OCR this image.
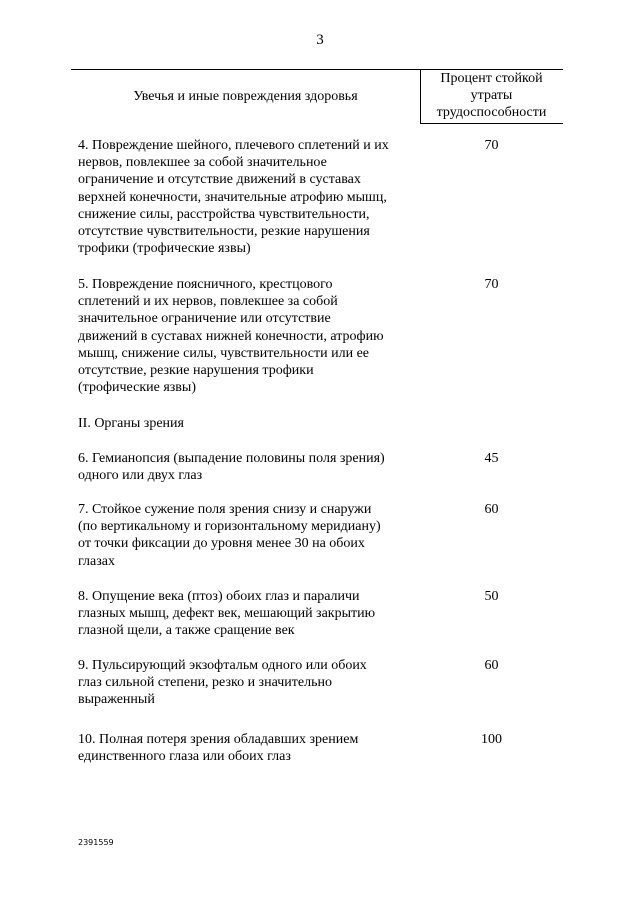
3
Увечья и иные повреждения здоровья
Процент стойкой
утраты
трудоспособности
4. Повреждение шейного, плечевого сплетений и их
нервов, повлекшее за собой значительное
ограничение и отсутствие движений в суставах
верхней конечности, значительные атрофию мышц,
снижение силы, расстройства чувствительности,
отсутствие чувствительности, резкие нарушения
трофики (трофические язвы)
70
5. Повреждение поясничного, крестцового
сплетений и их нервов, повлекшее за собой
значительное ограничение или отсутствие
движений в суставах нижней конечности, атрофию
мышц, снижение силы, чувствительности или ее
отсутствие, резкие нарушения трофики
(трофические язвы)
70
II. Органы зрения
6. Гемианопсия (выпадение половины поля зрения)
одного или двух глаз
45
7. Стойкое сужение поля зрения снизу и снаружи
(по вертикальному и горизонтальному меридиану)
от точки фиксации до уровня менее 30 на обоих
глазах
60
8. Опущение века (птоз) обоих глаз и параличи
глазных мышц, дефект век, мешающий закрытию
глазной щели, а также сращение век
50
9. Пульсирующий экзофтальм одного или обоих
глаз сильной степени, резко и значительно
выраженный
60
10. Полная потеря зрения обладавших зрением
единственного глаза или обоих глаз
100
2391559
